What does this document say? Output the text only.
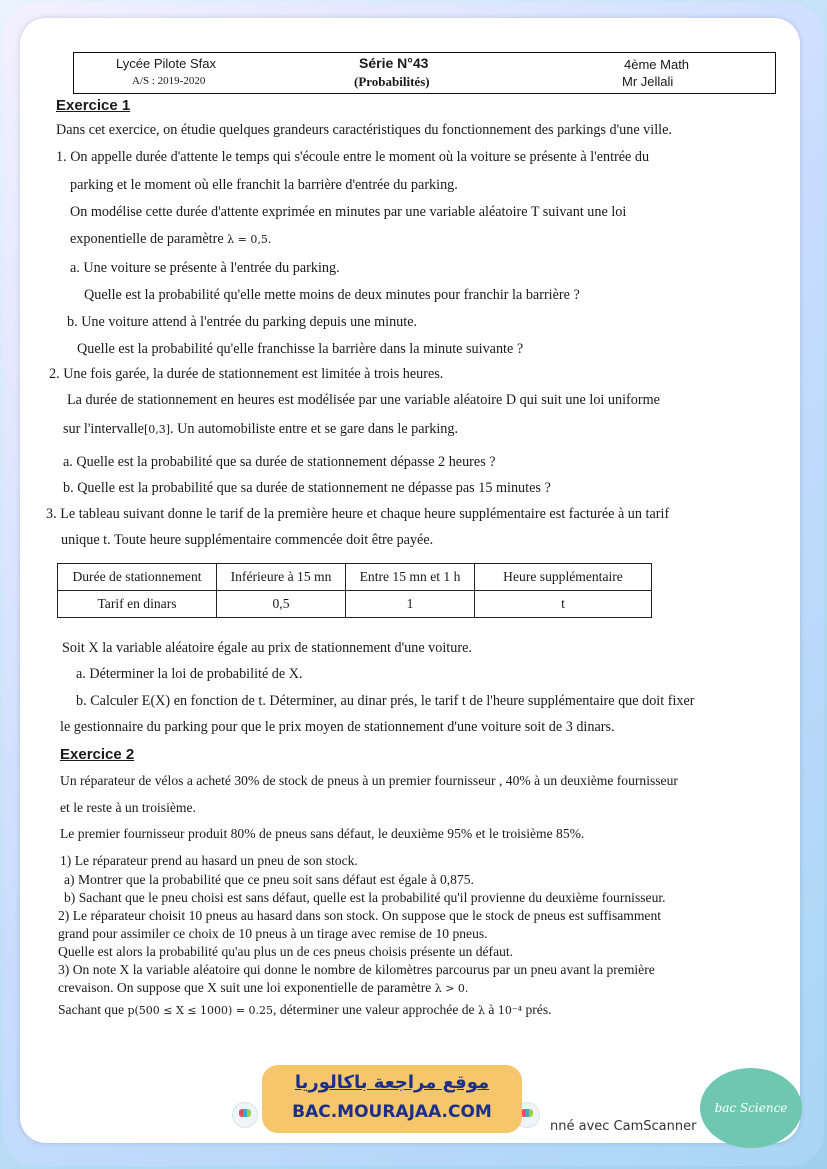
Lycée Pilote Sfax
A/S : 2019-2020
Série N°43
(Probabilités)
4ème Math
Mr Jellali
Exercice 1
Dans cet exercice, on étudie quelques grandeurs caractéristiques du fonctionnement des parkings d'une ville.
1. On appelle durée d'attente le temps qui s'écoule entre le moment où la voiture se présente à l'entrée du
parking et le moment où elle franchit la barrière d'entrée du parking.
On modélise cette durée d'attente exprimée en minutes par une variable aléatoire T suivant une loi
exponentielle de paramètre λ = 0,5.
a. Une voiture se présente à l'entrée du parking.
Quelle est la probabilité qu'elle mette moins de deux minutes pour franchir la barrière ?
b. Une voiture attend à l'entrée du parking depuis une minute.
Quelle est la probabilité qu'elle franchisse la barrière dans la minute suivante ?
2. Une fois garée, la durée de stationnement est limitée à trois heures.
La durée de stationnement en heures est modélisée par une variable aléatoire D qui suit une loi uniforme
sur l'intervalle[0,3]. Un automobiliste entre et se gare dans le parking.
a. Quelle est la probabilité que sa durée de stationnement dépasse 2 heures ?
b. Quelle est la probabilité que sa durée de stationnement ne dépasse pas 15 minutes ?
3. Le tableau suivant donne le tarif de la première heure et chaque heure supplémentaire est facturée à un tarif
unique t. Toute heure supplémentaire commencée doit être payée.
Durée de stationnement	Inférieure à 15 mn	Entre 15 mn et 1 h	Heure supplémentaire
Tarif en dinars	0,5	1	t
Soit X la variable aléatoire égale au prix de stationnement d'une voiture.
a. Déterminer la loi de probabilité de X.
b. Calculer E(X) en fonction de t. Déterminer, au dinar prés, le tarif t de l'heure supplémentaire que doit fixer
le gestionnaire du parking pour que le prix moyen de stationnement d'une voiture soit de 3 dinars.
Exercice 2
Un réparateur de vélos a acheté 30% de stock de pneus à un premier fournisseur , 40% à un deuxième fournisseur
et le reste à un troisième.
Le premier fournisseur produit 80% de pneus sans défaut, le deuxième 95% et le troisième 85%.
1) Le réparateur prend au hasard un pneu de son stock.
a) Montrer que la probabilité que ce pneu soit sans défaut est égale à 0,875.
b) Sachant que le pneu choisi est sans défaut, quelle est la probabilité qu'il provienne du deuxième fournisseur.
2) Le réparateur choisit 10 pneus au hasard dans son stock. On suppose que le stock de pneus est suffisamment
grand pour assimiler ce choix de 10 pneus à un tirage avec remise de 10 pneus.
Quelle est alors la probabilité qu'au plus un de ces pneus choisis présente un défaut.
3) On note X la variable aléatoire qui donne le nombre de kilomètres parcourus par un pneu avant la première
crevaison. On suppose que X suit une loi exponentielle de paramètre λ > 0.
Sachant que p(500 ≤ X ≤ 1000) = 0.25, déterminer une valeur approchée de λ à 10⁻⁴ prés.
nné avec CamScanner
موقع مراجعة باكالوريا
BAC.MOURAJAA.COM	bac Science
